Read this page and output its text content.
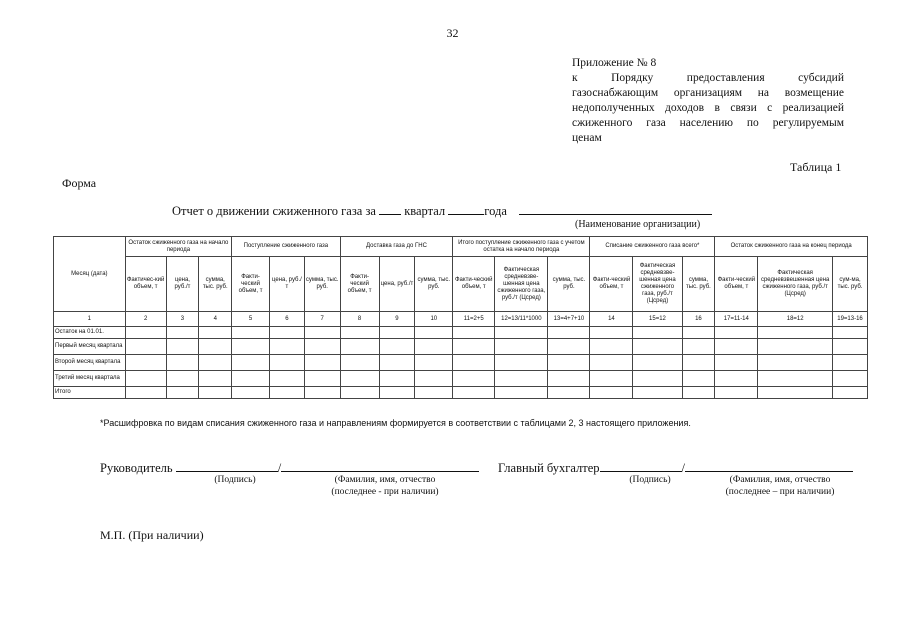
32
Приложение № 8
к Порядку предоставления субсидий
газоснабжающим организациям на возмещение
недополученных доходов в связи с реализацией
сжиженного газа населению по регулируемым
ценам
Таблица 1
Форма
Отчет о движении сжиженного газа за квартал	года
(Наименование организации)
Месяц (дата)	Остаток сжиженного газа на начало периода			Поступление сжиженного газа			Доставка газа до ГНС			Итого поступление сжиженного газа с учетом остатка на начало периода			Списание сжиженного газа всего*			Остаток сжиженного газа на конец периода		
	Фактичес-кий объем, т	цена, руб./т	сумма, тыс. руб.	Факти-ческий объем, т	цена, руб./т	сумма, тыс. руб.	Факти-ческий объем, т	цена, руб./т	сумма, тыс. руб.	Факти-ческий объем, т	Фактическая средневзве-шенная цена сжиженного газа, руб./т (Цсред)	сумма, тыс. руб.	Факти-ческий объем, т	Фактическая средневзве-шенная цена сжиженного газа, руб./т (Цсред)	сумма, тыс. руб.	Факти-ческий объем, т	Фактическая средневзвешенная цена сжиженного газа, руб./т (Цсред)	сум-ма, тыс. руб.
1	2	3	4	5	6	7	8	9	10	11=2+5	12=13/11*1000	13=4+7+10	14	15=12	16	17=11-14	18=12	19=13-16
Остаток на 01.01.																		
Первый месяц квартала																		
Второй месяц квартала																		
Третий месяц квартала																		
Итого																		
*Расшифровка по видам списания сжиженного газа и направлениям формируется в соответствии с таблицами 2, 3 настоящего приложения.
Руководитель	/
(Подпись)	(Фамилия, имя, отчество
(последнее - при наличии)
Главный бухгалтер	/
(Подпись)	(Фамилия, имя, отчество
(последнее – при наличии)
М.П. (При наличии)
